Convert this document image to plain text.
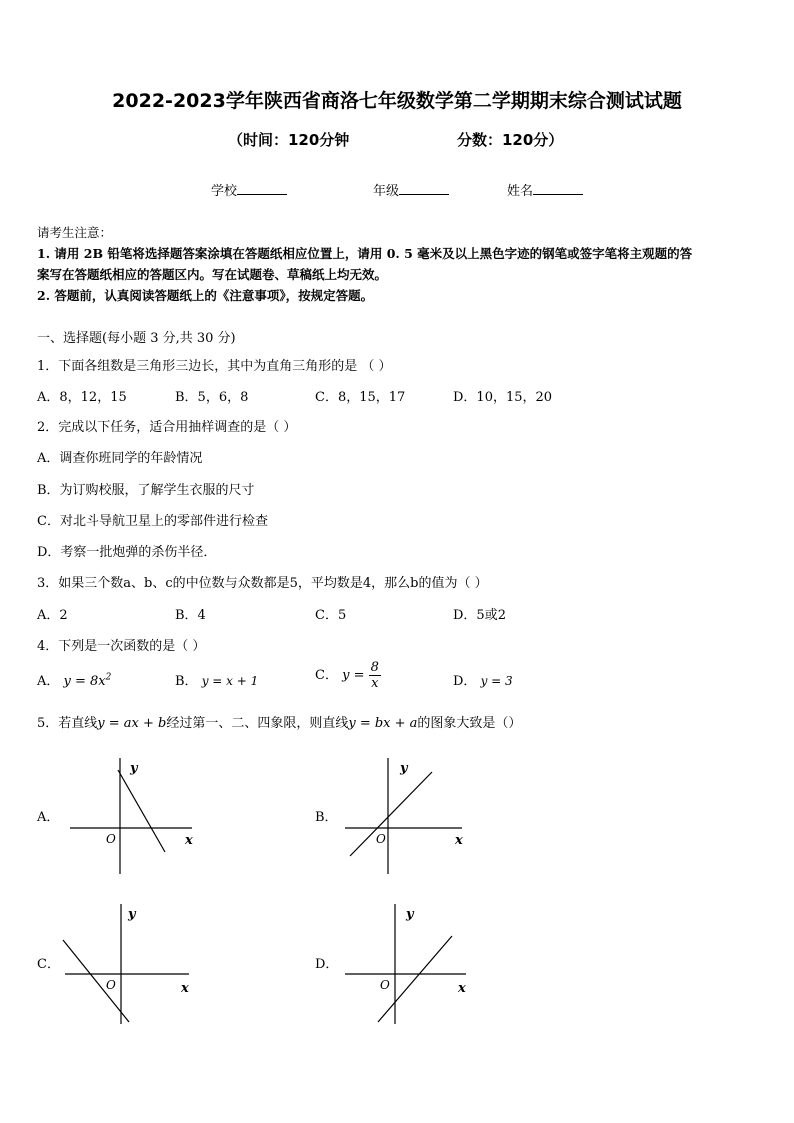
2022-2023学年陕西省商洛七年级数学第二学期期末综合测试试题
（时间：120分钟	分数：120分）
学校	年级	姓名
请考生注意：
1. 请用 2B 铅笔将选择题答案涂填在答题纸相应位置上，请用 0. 5 毫米及以上黑色字迹的钢笔或签字笔将主观题的答
案写在答题纸相应的答题区内。写在试题卷、草稿纸上均无效。
2. 答题前，认真阅读答题纸上的《注意事项》，按规定答题。
一、选择题(每小题 3 分,共 30 分)
1．下面各组数是三角形三边长，其中为直角三角形的是 （ ）
A．8，12，15	B．5，6，8	C．8，15，17	D．10，15，20
2．完成以下任务，适合用抽样调查的是（ ）
A．调查你班同学的年龄情况
B．为订购校服，了解学生衣服的尺寸
C．对北斗导航卫星上的零部件进行检查
D．考察一批炮弹的杀伤半径．
3．如果三个数a、b、c的中位数与众数都是5，平均数是4，那么b的值为（ ）
A．2	B．4	C．5	D．5或2
4．下列是一次函数的是（ ）
A． $y = 8x^2$	B． y = x + 1	C． $y = \frac{8}{x}$	D． y = 3
5．若直线y = ax + b经过第一、二、四象限，则直线y = bx + a的图象大致是（）
A．	B．
C．	D．
y
x
O
y
x
O
y
x
O
y
x
O
